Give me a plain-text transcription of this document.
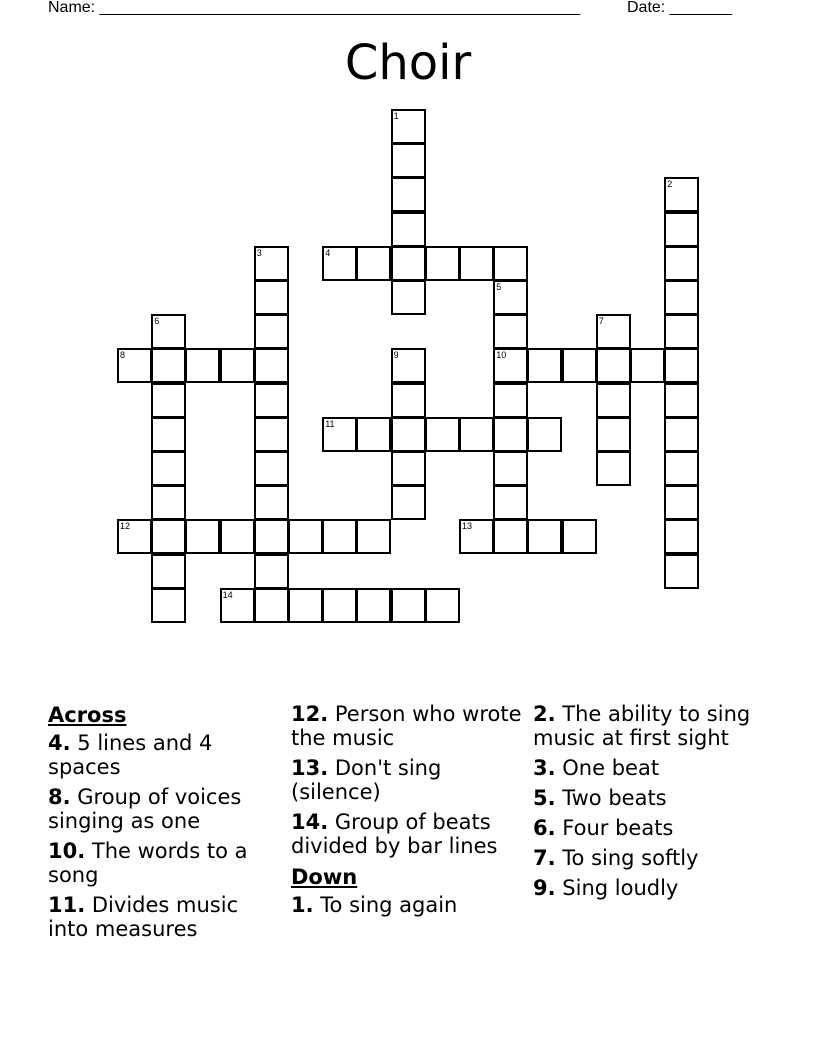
Name: ______________________________________________________	Date: _______
Choir
1
2
3	4
5
6	7
8	9	10
11
12	13
14
Across
4. 5 lines and 4 spaces
8. Group of voices singing as one
10. The words to a song
11. Divides music into measures
12. Person who wrote the music
13. Don't sing (silence)
14. Group of beats divided by bar lines
Down
1. To sing again
2. The ability to sing music at first sight
3. One beat
5. Two beats
6. Four beats
7. To sing softly
9. Sing loudly
